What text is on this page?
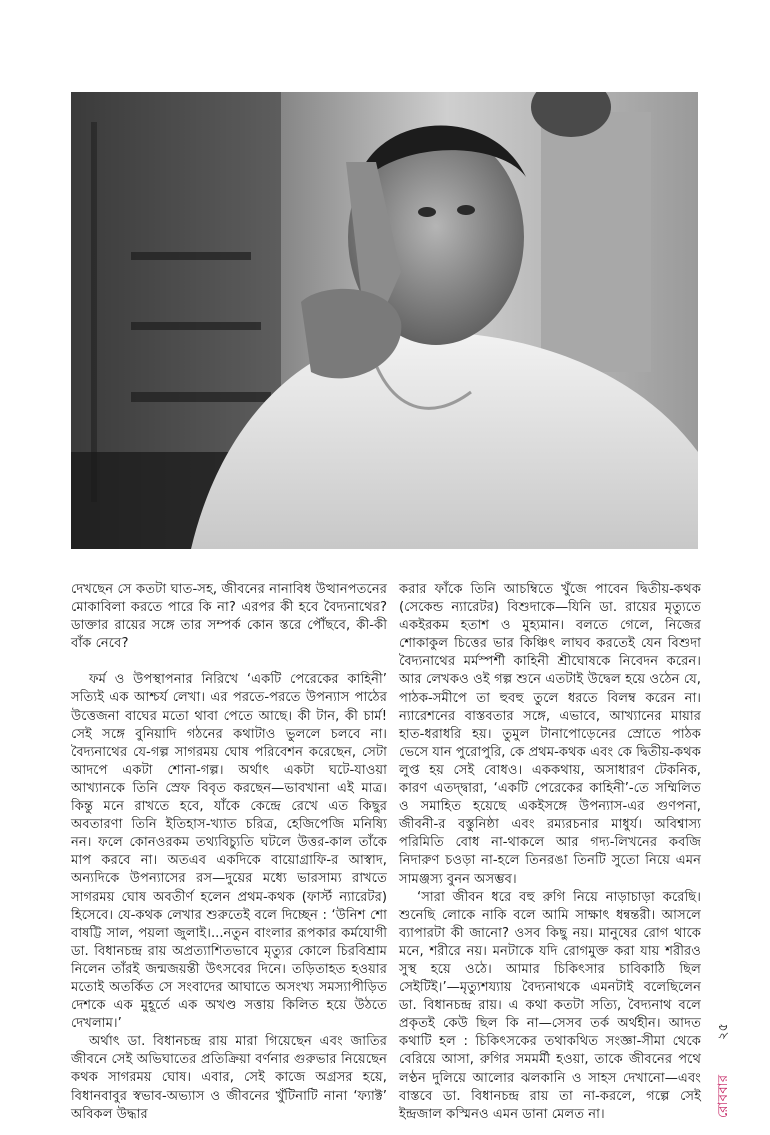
দেখছেন সে কতটা ঘাত-সহ, জীবনের নানাবিধ উত্থানপতনের মোকাবিলা করতে পারে কি না? এরপর কী হবে বৈদ্যনাথের? ডাক্তার রায়ের সঙ্গে তার সম্পর্ক কোন স্তরে পৌঁছবে, কী-কী বাঁক নেবে?

ফর্ম ও উপস্থাপনার নিরিখে ‘একটি পেরেকের কাহিনী’ সত্যিই এক আশ্চর্য লেখা। এর পরতে-পরতে উপন্যাস পাঠের উত্তেজনা বাঘের মতো থাবা পেতে আছে। কী টান, কী চার্ম! সেই সঙ্গে বুনিয়াদি গঠনের কথাটাও ভুললে চলবে না। বৈদ্যনাথের যে-গল্প সাগরময় ঘোষ পরিবেশন করেছেন, সেটা আদপে একটা শোনা-গল্প। অর্থাৎ একটা ঘটে-যাওয়া আখ্যানকে তিনি স্রেফ বিবৃত করছেন—ভাবখানা এই মাত্র। কিন্তু মনে রাখতে হবে, যাঁকে কেন্দ্রে রেখে এত কিছুর অবতারণা তিনি ইতিহাস-খ্যাত চরিত্র, হেজিপেজি মনিষ্যি নন। ফলে কোনওরকম তথ্যবিচ্যুতি ঘটলে উত্তর-কাল তাঁকে মাপ করবে না। অতএব একদিকে বায়োগ্রাফি-র আস্বাদ, অন্যদিকে উপন্যাসের রস—দুয়ের মধ্যে ভারসাম্য রাখতে সাগরময় ঘোষ অবতীর্ণ হলেন প্রথম-কথক (ফার্স্ট ন্যারেটর) হিসেবে। যে-কথক লেখার শুরুতেই বলে দিচ্ছেন : ‘উনিশ শো বাষট্টি সাল, পয়লা জুলাই।...নতুন বাংলার রূপকার কর্মযোগী ডা. বিধানচন্দ্র রায় অপ্রত্যাশিতভাবে মৃত্যুর কোলে চিরবিশ্রাম নিলেন তাঁরই জন্মজয়ন্তী উৎসবের দিনে। তড়িতাহত হওয়ার মতোই অতর্কিত সে সংবাদের আঘাতে অসংখ্য সমস্যাপীড়িত দেশকে এক মুহূর্তে এক অখণ্ড সত্তায় কিলিত হয়ে উঠতে দেখলাম।’

অর্থাৎ ডা. বিধানচন্দ্র রায় মারা গিয়েছেন এবং জাতির জীবনে সেই অভিঘাতের প্রতিক্রিয়া বর্ণনার গুরুভার নিয়েছেন কথক সাগরময় ঘোষ। এবার, সেই কাজে অগ্রসর হয়ে, বিধানবাবুর স্বভাব-অভ্যাস ও জীবনের খুঁটিনাটি নানা ‘ফ্যাক্ট’ অবিকল উদ্ধার

করার ফাঁকে তিনি আচম্বিতে খুঁজে পাবেন দ্বিতীয়-কথক (সেকেন্ড ন্যারেটর) বিশুদাকে—যিনি ডা. রায়ের মৃত্যুতে একইরকম হতাশ ও মুহ্যমান। বলতে গেলে, নিজের শোকাকুল চিত্তের ভার কিঞ্চিৎ লাঘব করতেই যেন বিশুদা বৈদ্যনাথের মর্মস্পর্শী কাহিনী শ্রীঘোষকে নিবেদন করেন। আর লেখকও ওই গল্প শুনে এতটাই উদ্বেল হয়ে ওঠেন যে, পাঠক-সমীপে তা হুবহু তুলে ধরতে বিলম্ব করেন না। ন্যারেশনের বাস্তবতার সঙ্গে, এভাবে, আখ্যানের মায়ার হাত-ধরাধরি হয়। তুমুল টানাপোড়েনের স্রোতে পাঠক ভেসে যান পুরোপুরি, কে প্রথম-কথক এবং কে দ্বিতীয়-কথক লুপ্ত হয় সেই বোধও। এককথায়, অসাধারণ টেকনিক, কারণ এতদ্দ্বারা, ‘একটি পেরেকের কাহিনী’-তে সম্মিলিত ও সমাহিত হয়েছে একইসঙ্গে উপন্যাস-এর গুণপনা, জীবনী-র বস্তুনিষ্ঠা এবং রম্যরচনার মাধুর্য। অবিশ্বাস্য পরিমিতি বোধ না-থাকলে আর গদ্য-লিখনের কবজি নিদারুণ চওড়া না-হলে তিনরঙা তিনটি সুতো নিয়ে এমন সামঞ্জস্য বুনন অসম্ভব।

‘সারা জীবন ধরে বহু রুগি নিয়ে নাড়াচাড়া করেছি। শুনেছি লোকে নাকি বলে আমি সাক্ষাৎ ধন্বন্তরী। আসলে ব্যাপারটা কী জানো? ওসব কিছু নয়। মানুষের রোগ থাকে মনে, শরীরে নয়। মনটাকে যদি রোগমুক্ত করা যায় শরীরও সুস্থ হয়ে ওঠে। আমার চিকিৎসার চাবিকাঠি ছিল সেইটিই।’—মৃত্যুশয্যায় বৈদ্যনাথকে এমনটাই বলেছিলেন ডা. বিধানচন্দ্র রায়। এ কথা কতটা সত্যি, বৈদ্যনাথ বলে প্রকৃতই কেউ ছিল কি না—সেসব তর্ক অর্থহীন। আদত কথাটি হল : চিকিৎসকের তথাকথিত সংজ্ঞা-সীমা থেকে বেরিয়ে আসা, রুগির সমমর্মী হওয়া, তাকে জীবনের পথে লণ্ঠন দুলিয়ে আলোর ঝলকানি ও সাহস দেখানো—এবং বাস্তবে ডা. বিধানচন্দ্র রায় তা না-করলে, গল্পে সেই ইন্দ্রজাল কস্মিনও এমন ডানা মেলত না।	রোববার
২৫
